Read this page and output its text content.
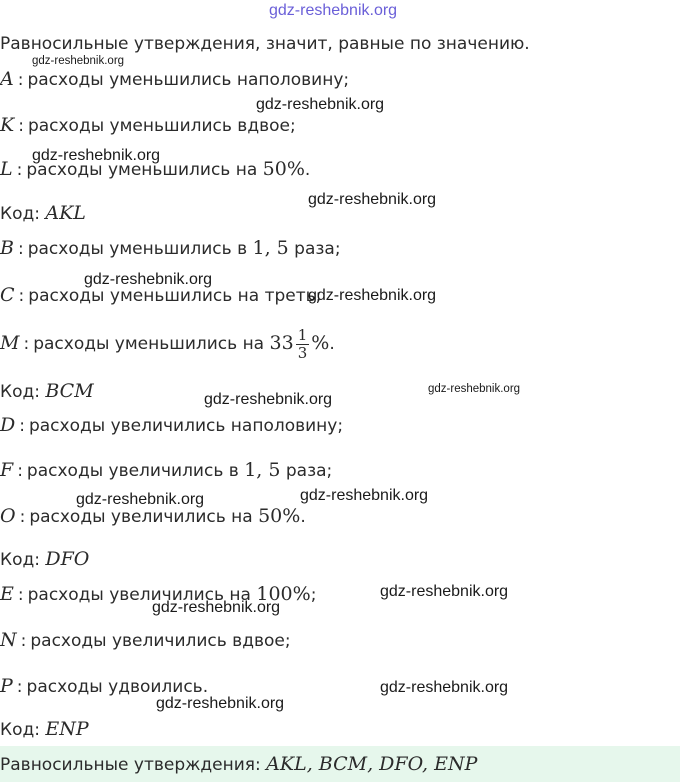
gdz-reshebnik.org
Равносильные утверждения, значит, равные по значению.
A : расходы уменьшились наполовину;
K : расходы уменьшились вдвое;
L : расходы уменьшились на 50%.
Код: AKL
B : расходы уменьшились в 1, 5 раза;
C : расходы уменьшились на треть;
M : расходы уменьшились на $33 \frac{1}{3}$ %.
Код: BCM
D : расходы увеличились наполовину;
F : расходы увеличились в 1, 5 раза;
O : расходы увеличились на 50%.
Код: DFO
E : расходы увеличились на 100%;
N : расходы увеличились вдвое;
P : расходы удвоились.
Код: ENP
Равносильные утверждения: AKL, BCM, DFO, ENP
gdz-reshebnik.org
gdz-reshebnik.org
gdz-reshebnik.org
gdz-reshebnik.org
gdz-reshebnik.org
gdz-reshebnik.org
gdz-reshebnik.org
gdz-reshebnik.org
gdz-reshebnik.org	gdz-reshebnik.org
gdz-reshebnik.org
gdz-reshebnik.org
gdz-reshebnik.org
gdz-reshebnik.org
